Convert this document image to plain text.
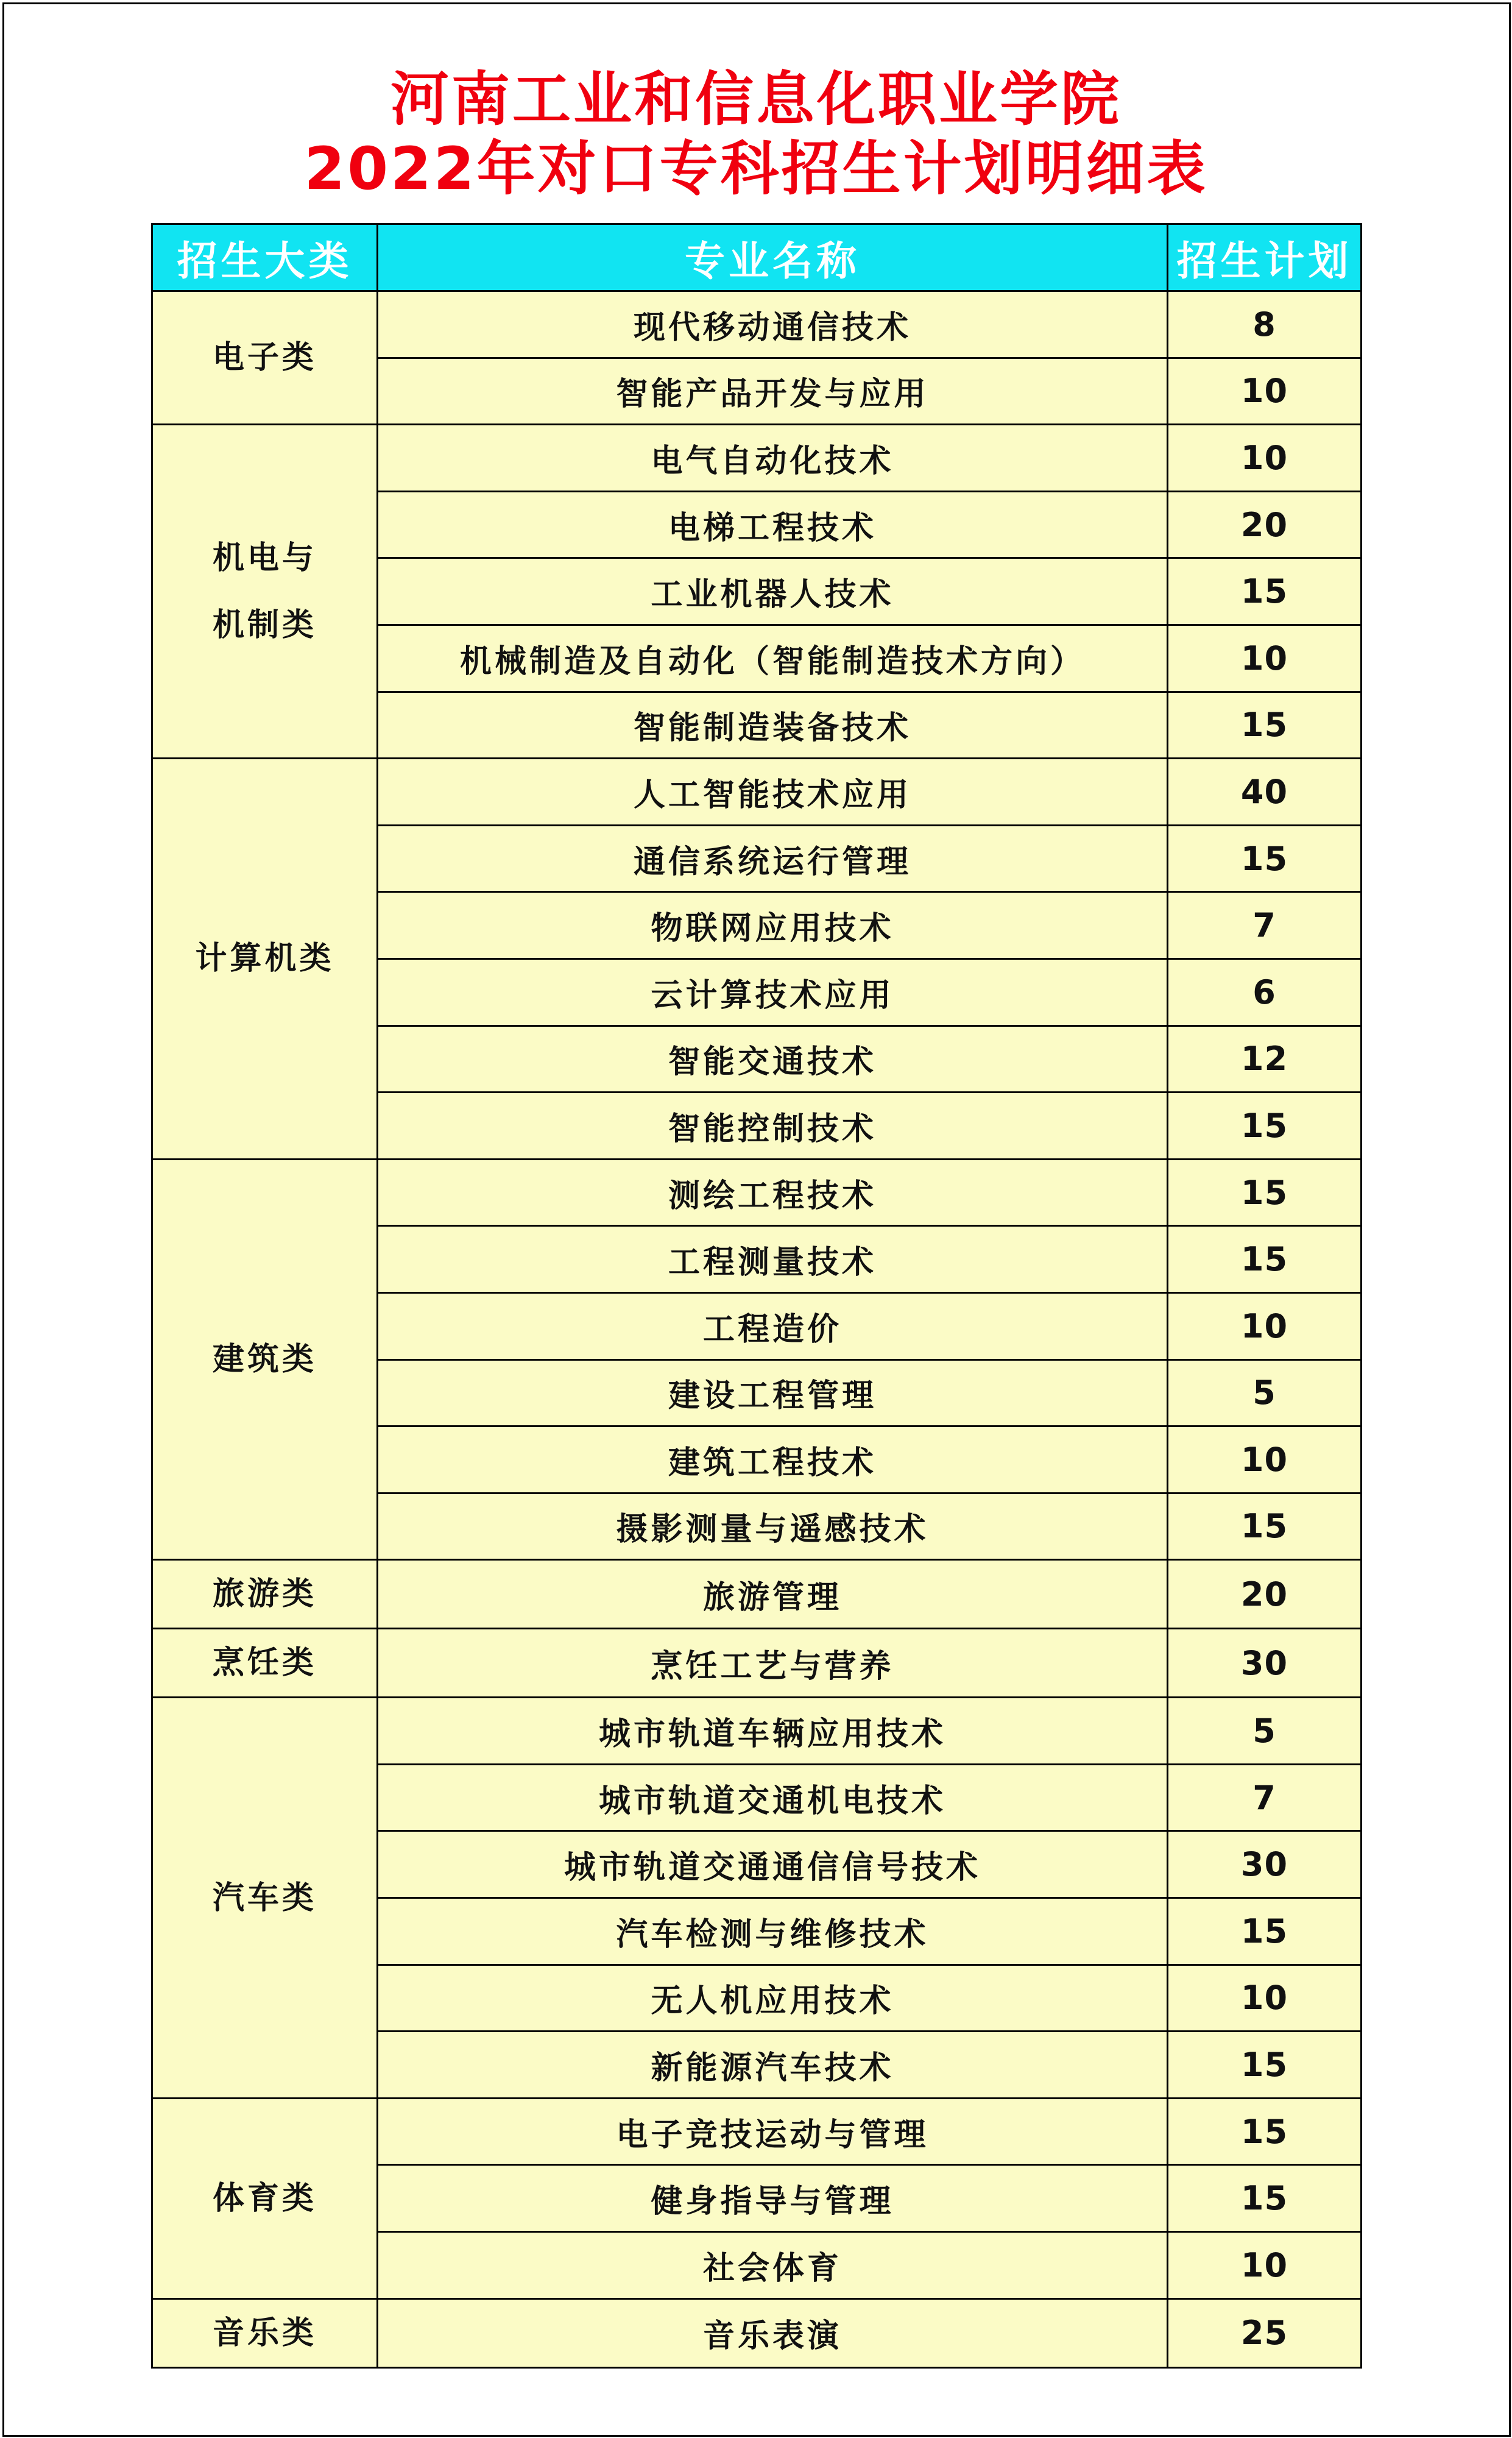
河南工业和信息化职业学院
2022年对口专科招生计划明细表
招生大类	专业名称	招生计划

电子类	现代移动通信技术	8
	智能产品开发与应用	10

机电与
机制类	电气自动化技术	10
	电梯工程技术	20
	工业机器人技术	15
	机械制造及自动化（智能制造技术方向）	10
	智能制造装备技术	15

计算机类	人工智能技术应用	40
	通信系统运行管理	15
	物联网应用技术	7
	云计算技术应用	6
	智能交通技术	12
	智能控制技术	15

建筑类	测绘工程技术	15
	工程测量技术	15
	工程造价	10
	建设工程管理	5
	建筑工程技术	10
	摄影测量与遥感技术	15

旅游类	旅游管理	20

烹饪类	烹饪工艺与营养	30

汽车类	城市轨道车辆应用技术	5
	城市轨道交通机电技术	7
	城市轨道交通通信信号技术	30
	汽车检测与维修技术	15
	无人机应用技术	10
	新能源汽车技术	15

体育类	电子竞技运动与管理	15
	健身指导与管理	15
	社会体育	10

音乐类	音乐表演	25
